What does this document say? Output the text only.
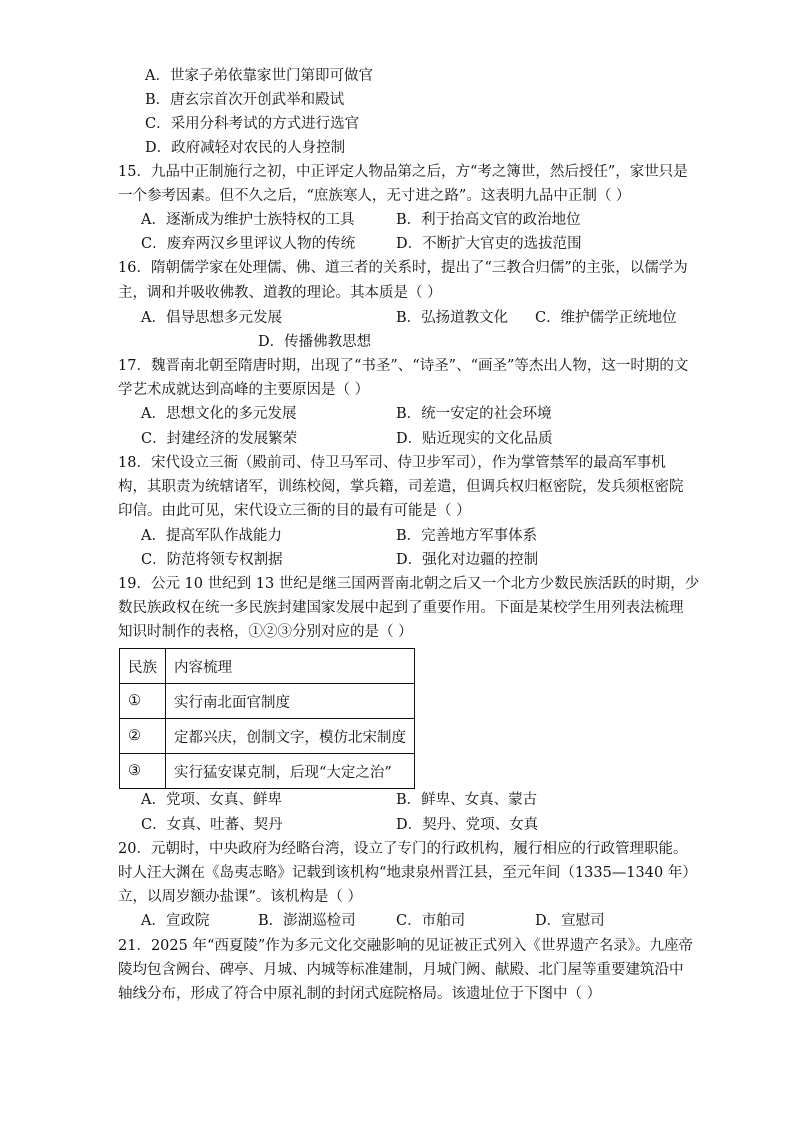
A．世家子弟依靠家世门第即可做官
B．唐玄宗首次开创武举和殿试
C．采用分科考试的方式进行选官
D．政府减轻对农民的人身控制
15．九品中正制施行之初，中正评定人物品第之后，方“考之簿世，然后授任”，家世只是
一个参考因素。但不久之后，“庶族寒人，无寸进之路”。这表明九品中正制（ ）
A．逐渐成为维护士族特权的工具	B．利于抬高文官的政治地位
C．废弃两汉乡里评议人物的传统	D．不断扩大官吏的选拔范围
16．隋朝儒学家在处理儒、佛、道三者的关系时，提出了“三教合归儒”的主张，以儒学为
主，调和并吸收佛教、道教的理论。其本质是（ ）
A．倡导思想多元发展	B．弘扬道教文化 C．维护儒学正统地位
D．传播佛教思想
17．魏晋南北朝至隋唐时期，出现了“书圣”、“诗圣”、“画圣”等杰出人物，这一时期的文
学艺术成就达到高峰的主要原因是（ ）
A．思想文化的多元发展	B．统一安定的社会环境
C．封建经济的发展繁荣	D．贴近现实的文化品质
18．宋代设立三衙（殿前司、侍卫马军司、侍卫步军司），作为掌管禁军的最高军事机
构，其职责为统辖诸军，训练校阅，掌兵籍，司差遣，但调兵权归枢密院，发兵须枢密院
印信。由此可见，宋代设立三衙的目的最有可能是（ ）
A．提高军队作战能力	B．完善地方军事体系
C．防范将领专权割据	D．强化对边疆的控制
19．公元 10 世纪到 13 世纪是继三国两晋南北朝之后又一个北方少数民族活跃的时期，少
数民族政权在统一多民族封建国家发展中起到了重要作用。下面是某校学生用列表法梳理
知识时制作的表格，①②③分别对应的是（ ）
民族	内容梳理
①	实行南北面官制度
②	定都兴庆，创制文字，模仿北宋制度
③	实行猛安谋克制，后现“大定之治”
A．党项、女真、鲜卑	B．鲜卑、女真、蒙古
C．女真、吐蕃、契丹	D．契丹、党项、女真
20．元朝时，中央政府为经略台湾，设立了专门的行政机构，履行相应的行政管理职能。
时人汪大渊在《岛夷志略》记载到该机构“地隶泉州晋江县，至元年间（1335—1340 年）
立，以周岁额办盐课”。该机构是（ ）
A．宣政院	B．澎湖巡检司	C．市舶司	D．宣慰司
21．2025 年“西夏陵”作为多元文化交融影响的见证被正式列入《世界遗产名录》。九座帝
陵均包含阙台、碑亭、月城、内城等标准建制，月城门阙、献殿、北门屋等重要建筑沿中
轴线分布，形成了符合中原礼制的封闭式庭院格局。该遗址位于下图中（ ）
